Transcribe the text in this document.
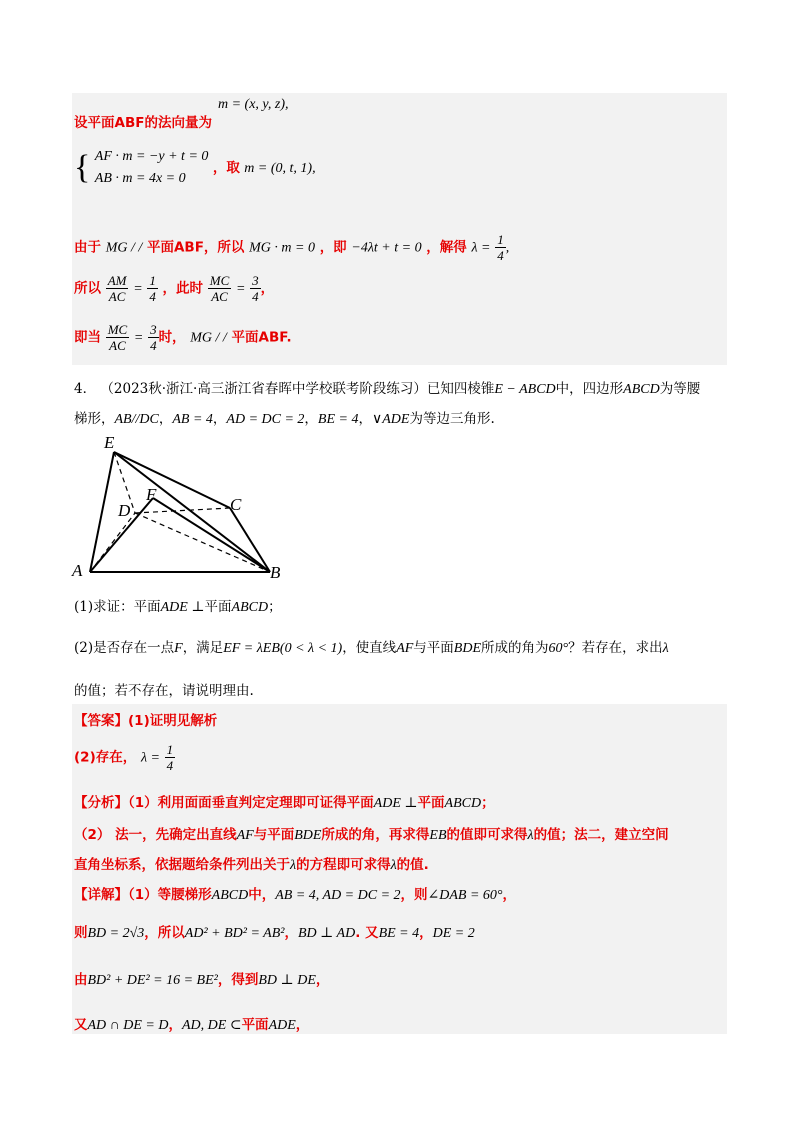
m = (x, y, z),
设平面ABF的法向量为
{ AF · m = −y + t = 0
AB · m = 4x = 0
，取 m = (0, t, 1),
由于 MG / / 平面ABF，所以 MG · m = 0 ，即 −4λt + t = 0 ，解得 $\lambda = \frac{1}{4}$ ,
所以 $\frac{AM}{AC} = \frac{1}{4}$ ，此时 $\frac{MC}{AC} = \frac{3}{4}$ ，
即当 $\frac{MC}{AC} = \frac{3}{4}$ 时， MG / / 平面ABF.
4． （2023秋·浙江·高三浙江省春晖中学校联考阶段练习）已知四棱锥E − ABCD中，四边形ABCD为等腰
梯形，AB//DC，AB = 4，AD = DC = 2，BE = 4，∨ADE为等边三角形.
E
F
D	C
A	B
(1)求证：平面ADE ⊥平面ABCD；
(2)是否存在一点F，满足EF = λEB(0 < λ < 1)，使直线AF与平面BDE所成的角为60°？若存在，求出λ
的值；若不存在，请说明理由.
【答案】(1)证明见解析
(2)存在， $\lambda = \frac{1}{4}$
【分析】（1）利用面面垂直判定定理即可证得平面ADE ⊥平面ABCD；
（2） 法一，先确定出直线AF与平面BDE所成的角，再求得EB的值即可求得λ的值；法二，建立空间
直角坐标系，依据题给条件列出关于λ的方程即可求得λ的值.
【详解】（1）等腰梯形ABCD中，AB = 4, AD = DC = 2，则∠DAB = 60°，
则BD = 2√3，所以AD² + BD² = AB²，BD ⊥ AD. 又BE = 4，DE = 2
由BD² + DE² = 16 = BE²，得到BD ⊥ DE，
又AD ∩ DE = D，AD, DE ⊂平面ADE，
